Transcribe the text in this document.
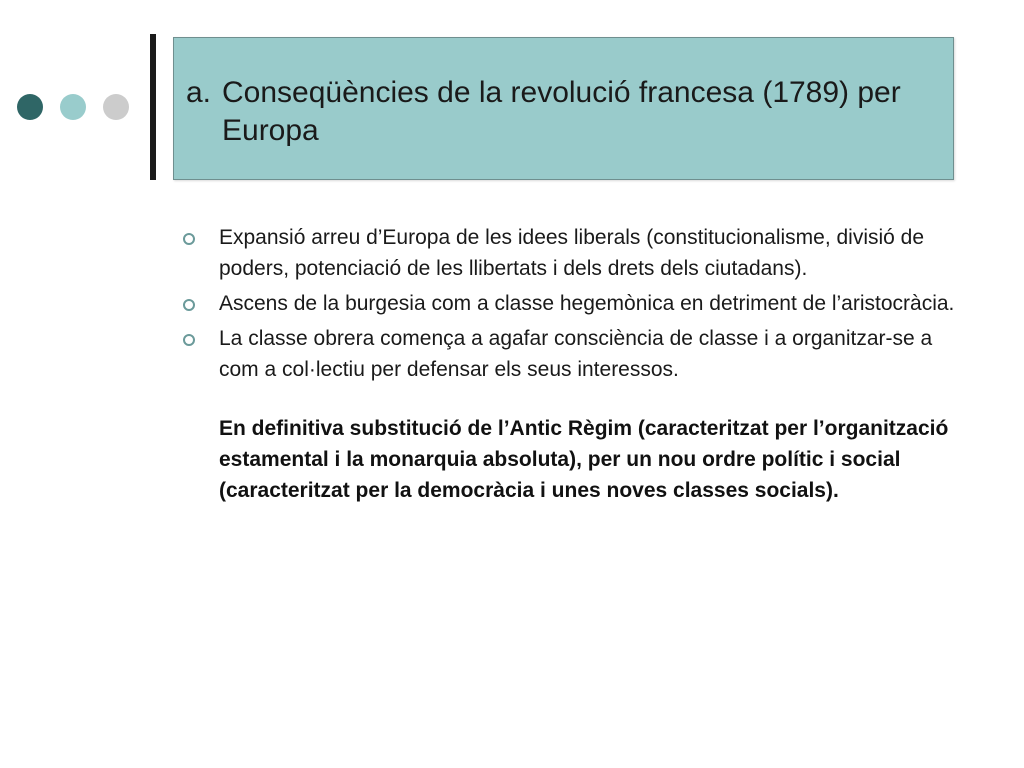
a. Conseqüències de la revolució francesa (1789) per Europa
Expansió arreu d’Europa de les idees liberals (constitucionalisme, divisió de poders, potenciació de les llibertats i dels drets dels ciutadans).
Ascens de la burgesia com a classe hegemònica en detriment de l’aristocràcia.
La classe obrera comença a agafar consciència de classe i a organitzar-se a com a col·lectiu per defensar els seus interessos.

En definitiva substitució de l’Antic Règim (caracteritzat per l’organització estamental i la monarquia absoluta), per un nou ordre polític i social (caracteritzat per la democràcia i unes noves classes socials).
